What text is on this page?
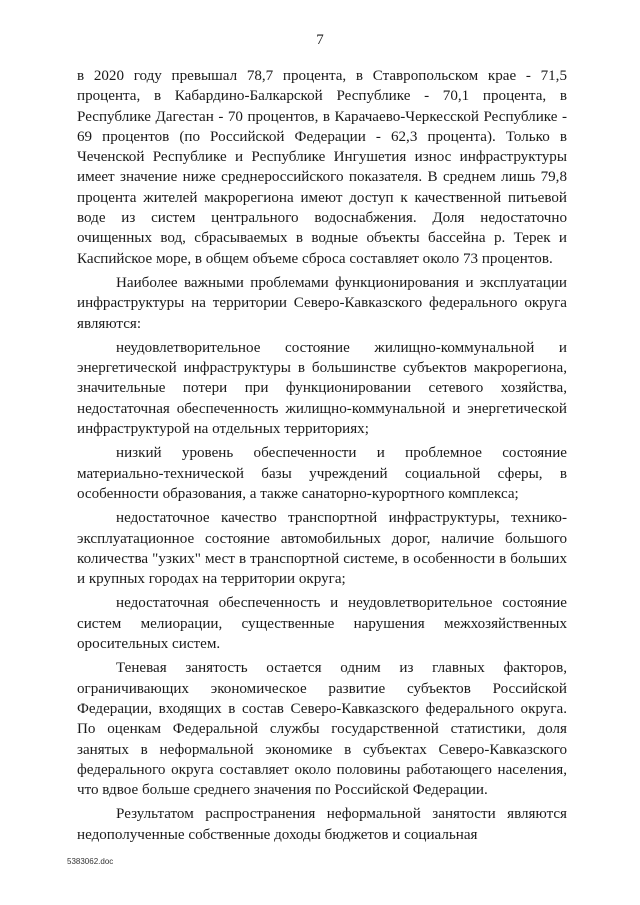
7

в 2020 году превышал 78,7 процента, в Ставропольском крае - 71,5 процента, в Кабардино-Балкарской Республике - 70,1 процента, в Республике Дагестан - 70 процентов, в Карачаево-Черкесской Республике - 69 процентов (по Российской Федерации - 62,3 процента). Только в Чеченской Республике и Республике Ингушетия износ инфраструктуры имеет значение ниже среднероссийского показателя. В среднем лишь 79,8 процента жителей макрорегиона имеют доступ к качественной питьевой воде из систем центрального водоснабжения. Доля недостаточно очищенных вод, сбрасываемых в водные объекты бассейна р. Терек и Каспийское море, в общем объеме сброса составляет около 73 процентов.

Наиболее важными проблемами функционирования и эксплуатации инфраструктуры на территории Северо-Кавказского федерального округа являются:

неудовлетворительное состояние жилищно-коммунальной и энергетической инфраструктуры в большинстве субъектов макрорегиона, значительные потери при функционировании сетевого хозяйства, недостаточная обеспеченность жилищно-коммунальной и энергетической инфраструктурой на отдельных территориях;

низкий уровень обеспеченности и проблемное состояние материально-технической базы учреждений социальной сферы, в особенности образования, а также санаторно-курортного комплекса;

недостаточное качество транспортной инфраструктуры, технико-эксплуатационное состояние автомобильных дорог, наличие большого количества "узких" мест в транспортной системе, в особенности в больших и крупных городах на территории округа;

недостаточная обеспеченность и неудовлетворительное состояние систем мелиорации, существенные нарушения межхозяйственных оросительных систем.

Теневая занятость остается одним из главных факторов, ограничивающих экономическое развитие субъектов Российской Федерации, входящих в состав Северо-Кавказского федерального округа. По оценкам Федеральной службы государственной статистики, доля занятых в неформальной экономике в субъектах Северо-Кавказского федерального округа составляет около половины работающего населения, что вдвое больше среднего значения по Российской Федерации.

Результатом распространения неформальной занятости являются недополученные собственные доходы бюджетов и социальная

5383062.doc
